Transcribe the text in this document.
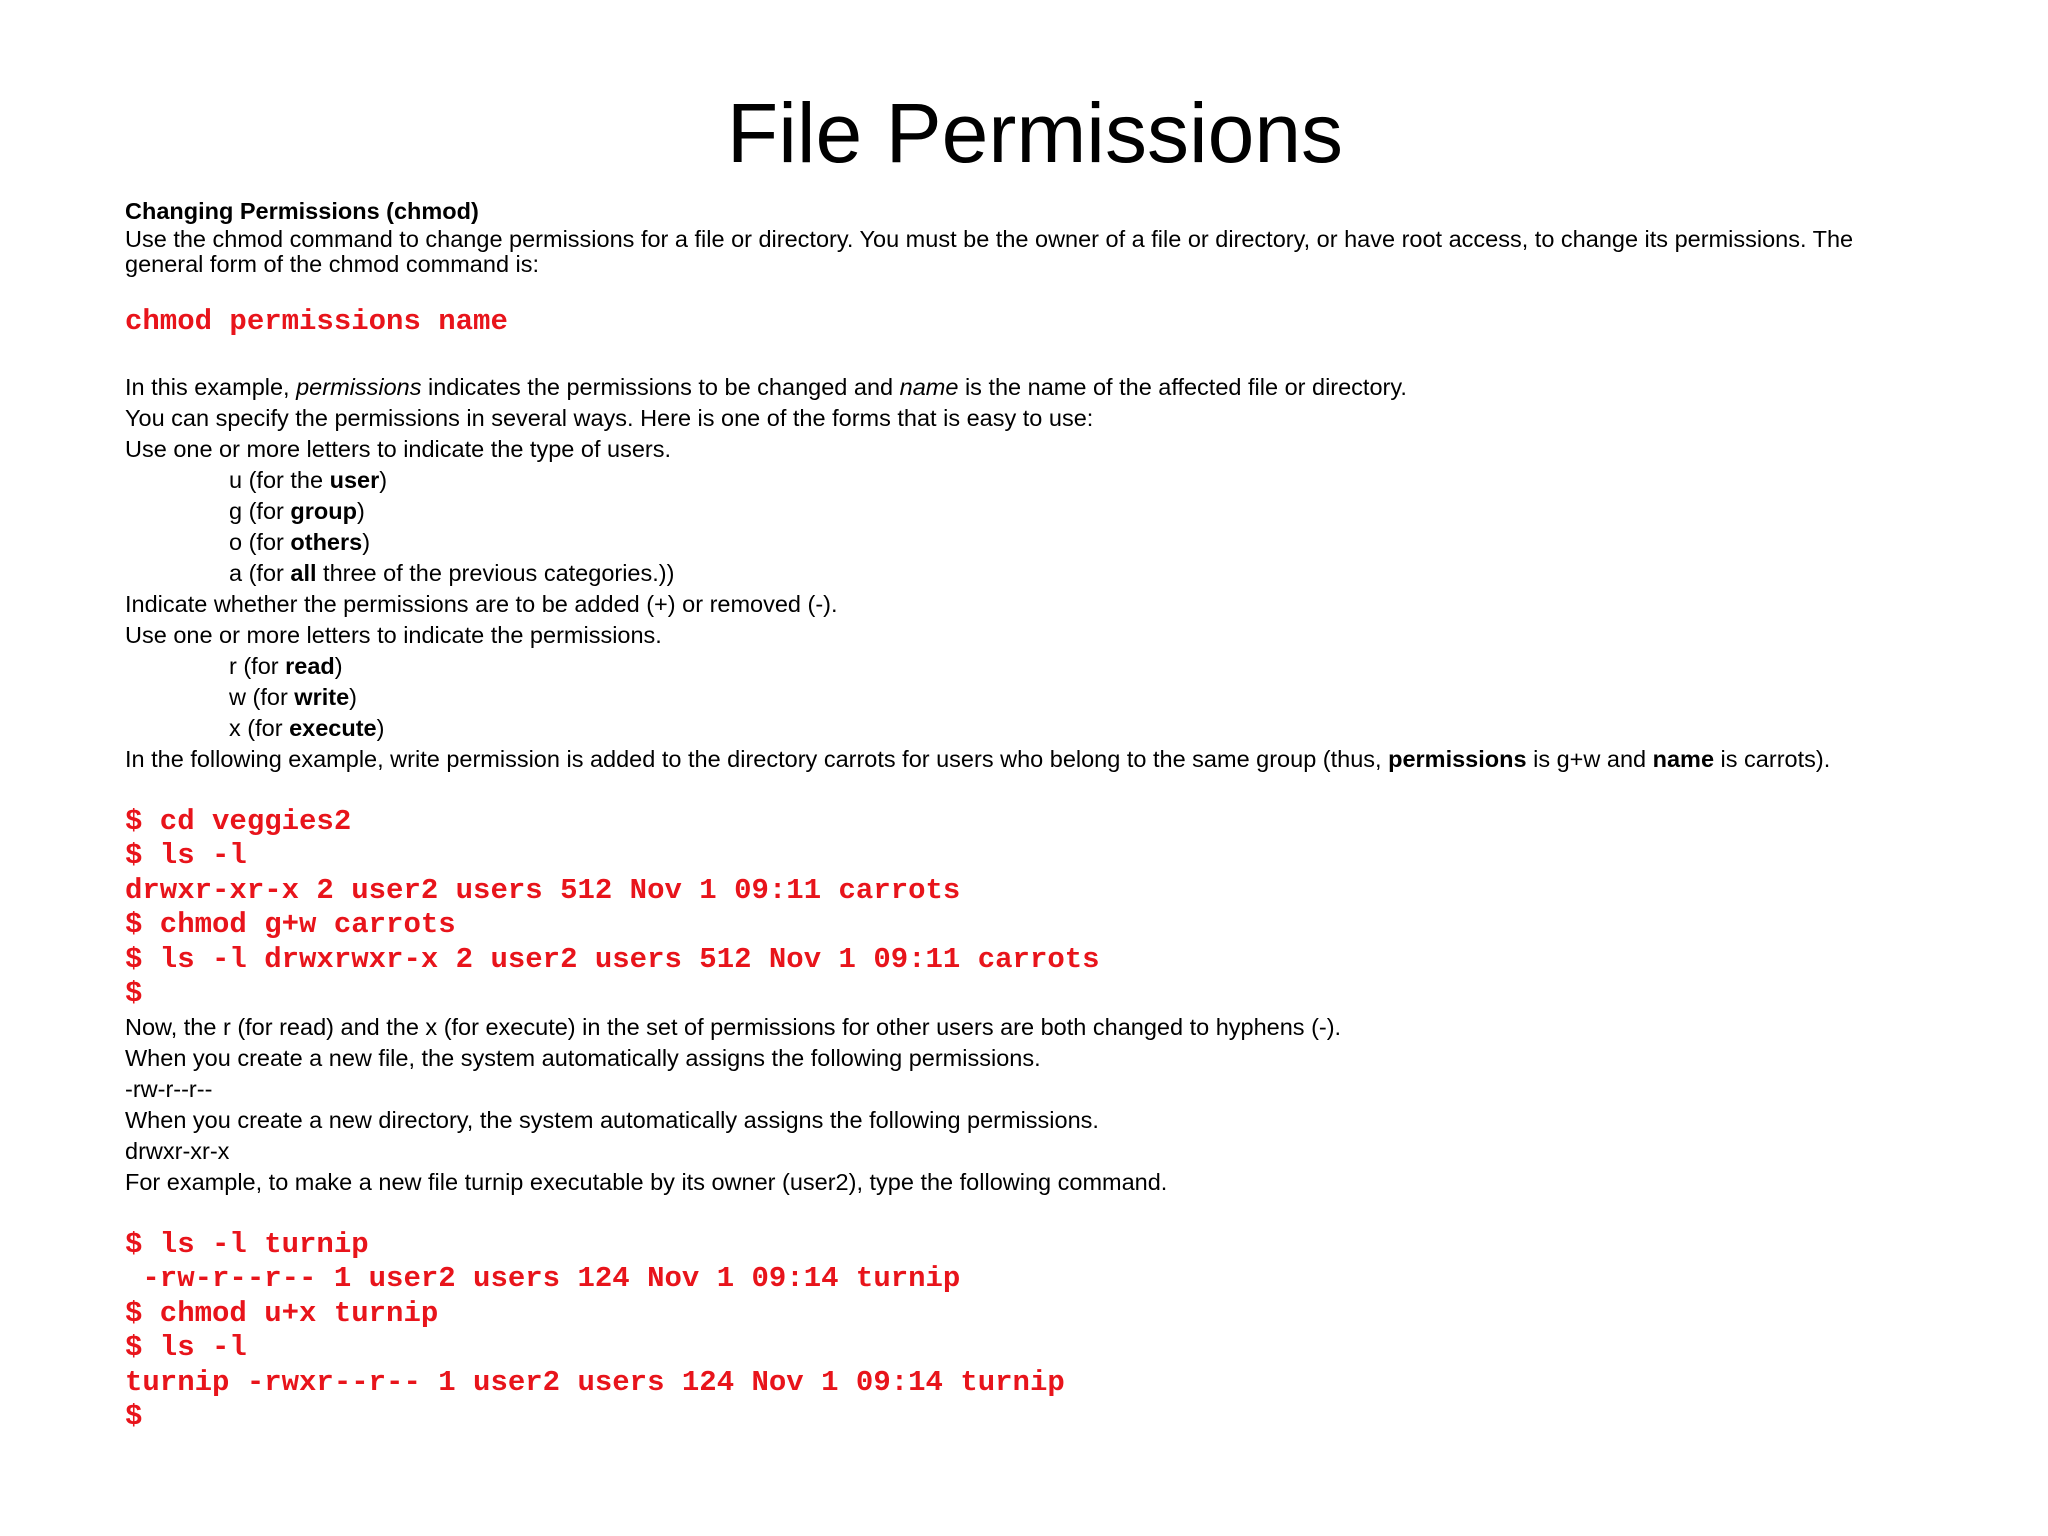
File Permissions

Changing Permissions (chmod)

Use the chmod command to change permissions for a file or directory. You must be the owner of a file or directory, or have root access, to change its permissions. The general form of the chmod command is:

chmod permissions name

In this example, permissions indicates the permissions to be changed and name is the name of the affected file or directory.

You can specify the permissions in several ways. Here is one of the forms that is easy to use:

Use one or more letters to indicate the type of users.

u (for the user)

g (for group)

o (for others)

a (for all three of the previous categories.))

Indicate whether the permissions are to be added (+) or removed (-).

Use one or more letters to indicate the permissions.

r (for read)

w (for write)

x (for execute)

In the following example, write permission is added to the directory carrots for users who belong to the same group (thus, permissions is g+w and name is carrots).

$ cd veggies2

$ ls -l

drwxr-xr-x 2 user2 users 512 Nov 1 09:11 carrots

$ chmod g+w carrots

$ ls -l drwxrwxr-x 2 user2 users 512 Nov 1 09:11 carrots

$

Now, the r (for read) and the x (for execute) in the set of permissions for other users are both changed to hyphens (-).

When you create a new file, the system automatically assigns the following permissions.

-rw-r--r--

When you create a new directory, the system automatically assigns the following permissions.

drwxr-xr-x

For example, to make a new file turnip executable by its owner (user2), type the following command.

$ ls -l turnip

-rw-r--r-- 1 user2 users 124 Nov 1 09:14 turnip

$ chmod u+x turnip

$ ls -l

turnip -rwxr--r-- 1 user2 users 124 Nov 1 09:14 turnip

$
